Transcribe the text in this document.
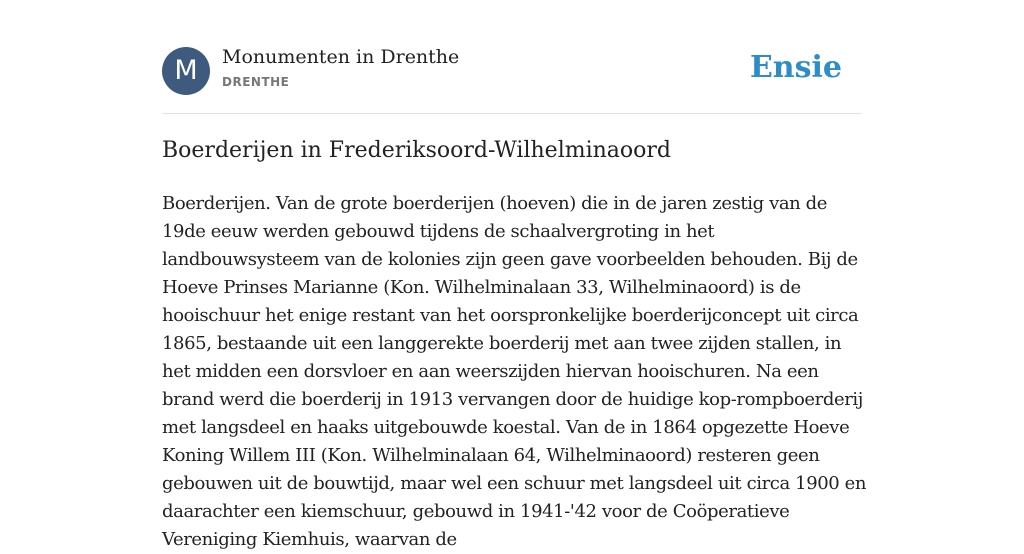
M	Monumenten in Drenthe
DRENTHE	Ensie
Boerderijen in Frederiksoord-Wilhelminaoord

Boerderijen. Van de grote boerderijen (hoeven) die in de jaren zestig van de 19de eeuw werden gebouwd tijdens de schaalvergroting in het landbouwsysteem van de kolonies zijn geen gave voorbeelden behouden. Bij de Hoeve Prinses Marianne (Kon. Wilhelminalaan 33, Wilhelminaoord) is de hooischuur het enige restant van het oorspronkelijke boerderijconcept uit circa 1865, bestaande uit een langgerekte boerderij met aan twee zijden stallen, in het midden een dorsvloer en aan weerszijden hiervan hooischuren. Na een brand werd die boerderij in 1913 vervangen door de huidige kop-rompboerderij met langsdeel en haaks uitgebouwde koestal. Van de in 1864 opgezette Hoeve Koning Willem III (Kon. Wilhelminalaan 64, Wilhelminaoord) resteren geen gebouwen uit de bouwtijd, maar wel een schuur met langsdeel uit circa 1900 en daarachter een kiemschuur, gebouwd in 1941-'42 voor de Coöperatieve Vereniging Kiemhuis, waarvan de
